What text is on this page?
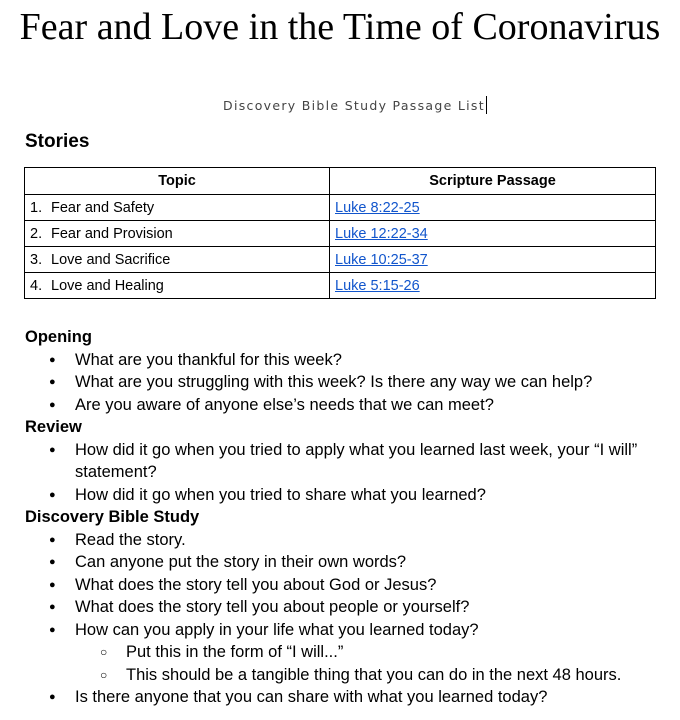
Fear and Love in the Time of Coronavirus
Discovery Bible Study Passage List
Stories
Topic	Scripture Passage
1. Fear and Safety	Luke 8:22-25
2. Fear and Provision	Luke 12:22-34
3. Love and Sacrifice	Luke 10:25-37
4. Love and Healing	Luke 5:15-26
Opening
● What are you thankful for this week?
● What are you struggling with this week? Is there any way we can help?
● Are you aware of anyone else’s needs that we can meet?
Review
● How did it go when you tried to apply what you learned last week, your “I will” statement?
● How did it go when you tried to share what you learned?
Discovery Bible Study
● Read the story.
● Can anyone put the story in their own words?
● What does the story tell you about God or Jesus?
● What does the story tell you about people or yourself?
● How can you apply in your life what you learned today?
○ Put this in the form of “I will...”
○ This should be a tangible thing that you can do in the next 48 hours.
● Is there anyone that you can share with what you learned today?
